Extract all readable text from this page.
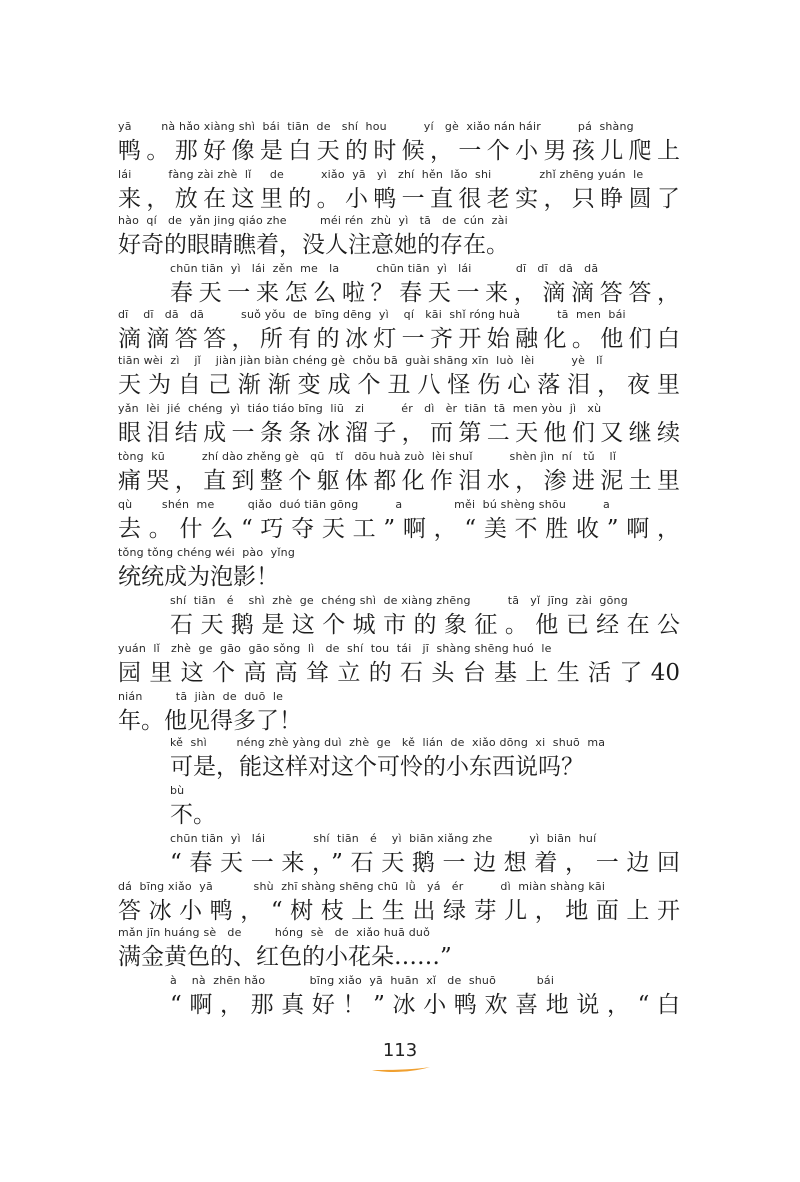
yā        nà hǎo xiàng shì  bái  tiān  de   shí  hou          yí   gè  xiǎo nán háir          pá  shàng
鸭。那好像是白天的时候，一个小男孩儿爬上
lái          fàng zài zhè  lǐ     de          xiǎo  yā   yì   zhí  hěn  lǎo  shi             zhǐ zhēng yuán  le
来，放在这里的。小鸭一直很老实，只睁圆了
hào  qí   de  yǎn jing qiáo zhe         méi rén  zhù  yì   tā   de  cún  zài
好奇的眼睛瞧着，没人注意她的存在。
chūn tiān  yì   lái  zěn  me   la          chūn tiān  yì   lái            dī   dī   dā   dā
春天一来怎么啦？春天一来，滴滴答答，
dī    dī   dā   dā          suǒ yǒu  de  bīng dēng  yì    qí   kāi  shǐ róng huà          tā  men  bái
滴滴答答，所有的冰灯一齐开始融化。他们白
tiān wèi  zì    jǐ    jiàn jiàn biàn chéng gè  chǒu bā  guài shāng xīn  luò  lèi          yè   lǐ
天为自己渐渐变成个丑八怪伤心落泪，夜里
yǎn  lèi  jié  chéng  yì  tiáo tiáo bīng  liū   zi          ér   dì   èr  tiān  tā  men yòu  jì   xù
眼泪结成一条条冰溜子，而第二天他们又继续
tòng  kū          zhí dào zhěng gè   qū   tǐ   dōu huà zuò  lèi shuǐ          shèn jìn  ní   tǔ    lǐ
痛哭，直到整个躯体都化作泪水，渗进泥土里
qù        shén  me         qiǎo  duó tiān gōng          a              měi  bú shèng shōu          a
去。什么“巧夺天工”啊，“美不胜收”啊，
tǒng tǒng chéng wéi  pào  yǐng
统统成为泡影！
shí  tiān   é    shì  zhè  ge  chéng shì  de xiàng zhēng          tā   yǐ  jīng  zài  gōng
石天鹅是这个城市的象征。他已经在公
yuán  lǐ   zhè  ge  gāo  gāo sǒng  lì   de  shí  tou  tái   jī  shàng shēng huó  le
园里这个高高耸立的石头台基上生活了40
nián         tā  jiàn  de  duō  le
年。他见得多了！
kě  shì        néng zhè yàng duì  zhè  ge   kě  lián  de  xiǎo dōng  xi  shuō  ma
可是，能这样对这个可怜的小东西说吗？
bù
不。
chūn tiān  yì   lái             shí  tiān   é    yì  biān xiǎng zhe          yì  biān  huí
“春天一来，”石天鹅一边想着，一边回
dá  bīng xiǎo  yā           shù  zhī shàng shēng chū  lǜ   yá   ér          dì  miàn shàng kāi
答冰小鸭，“树枝上生出绿芽儿，地面上开
mǎn jīn huáng sè   de         hóng  sè   de  xiǎo huā duǒ
满金黄色的、红色的小花朵……”
à    nà  zhēn hǎo            bīng xiǎo  yā  huān  xǐ   de  shuō           bái
“啊，那真好！”冰小鸭欢喜地说，“白
113
